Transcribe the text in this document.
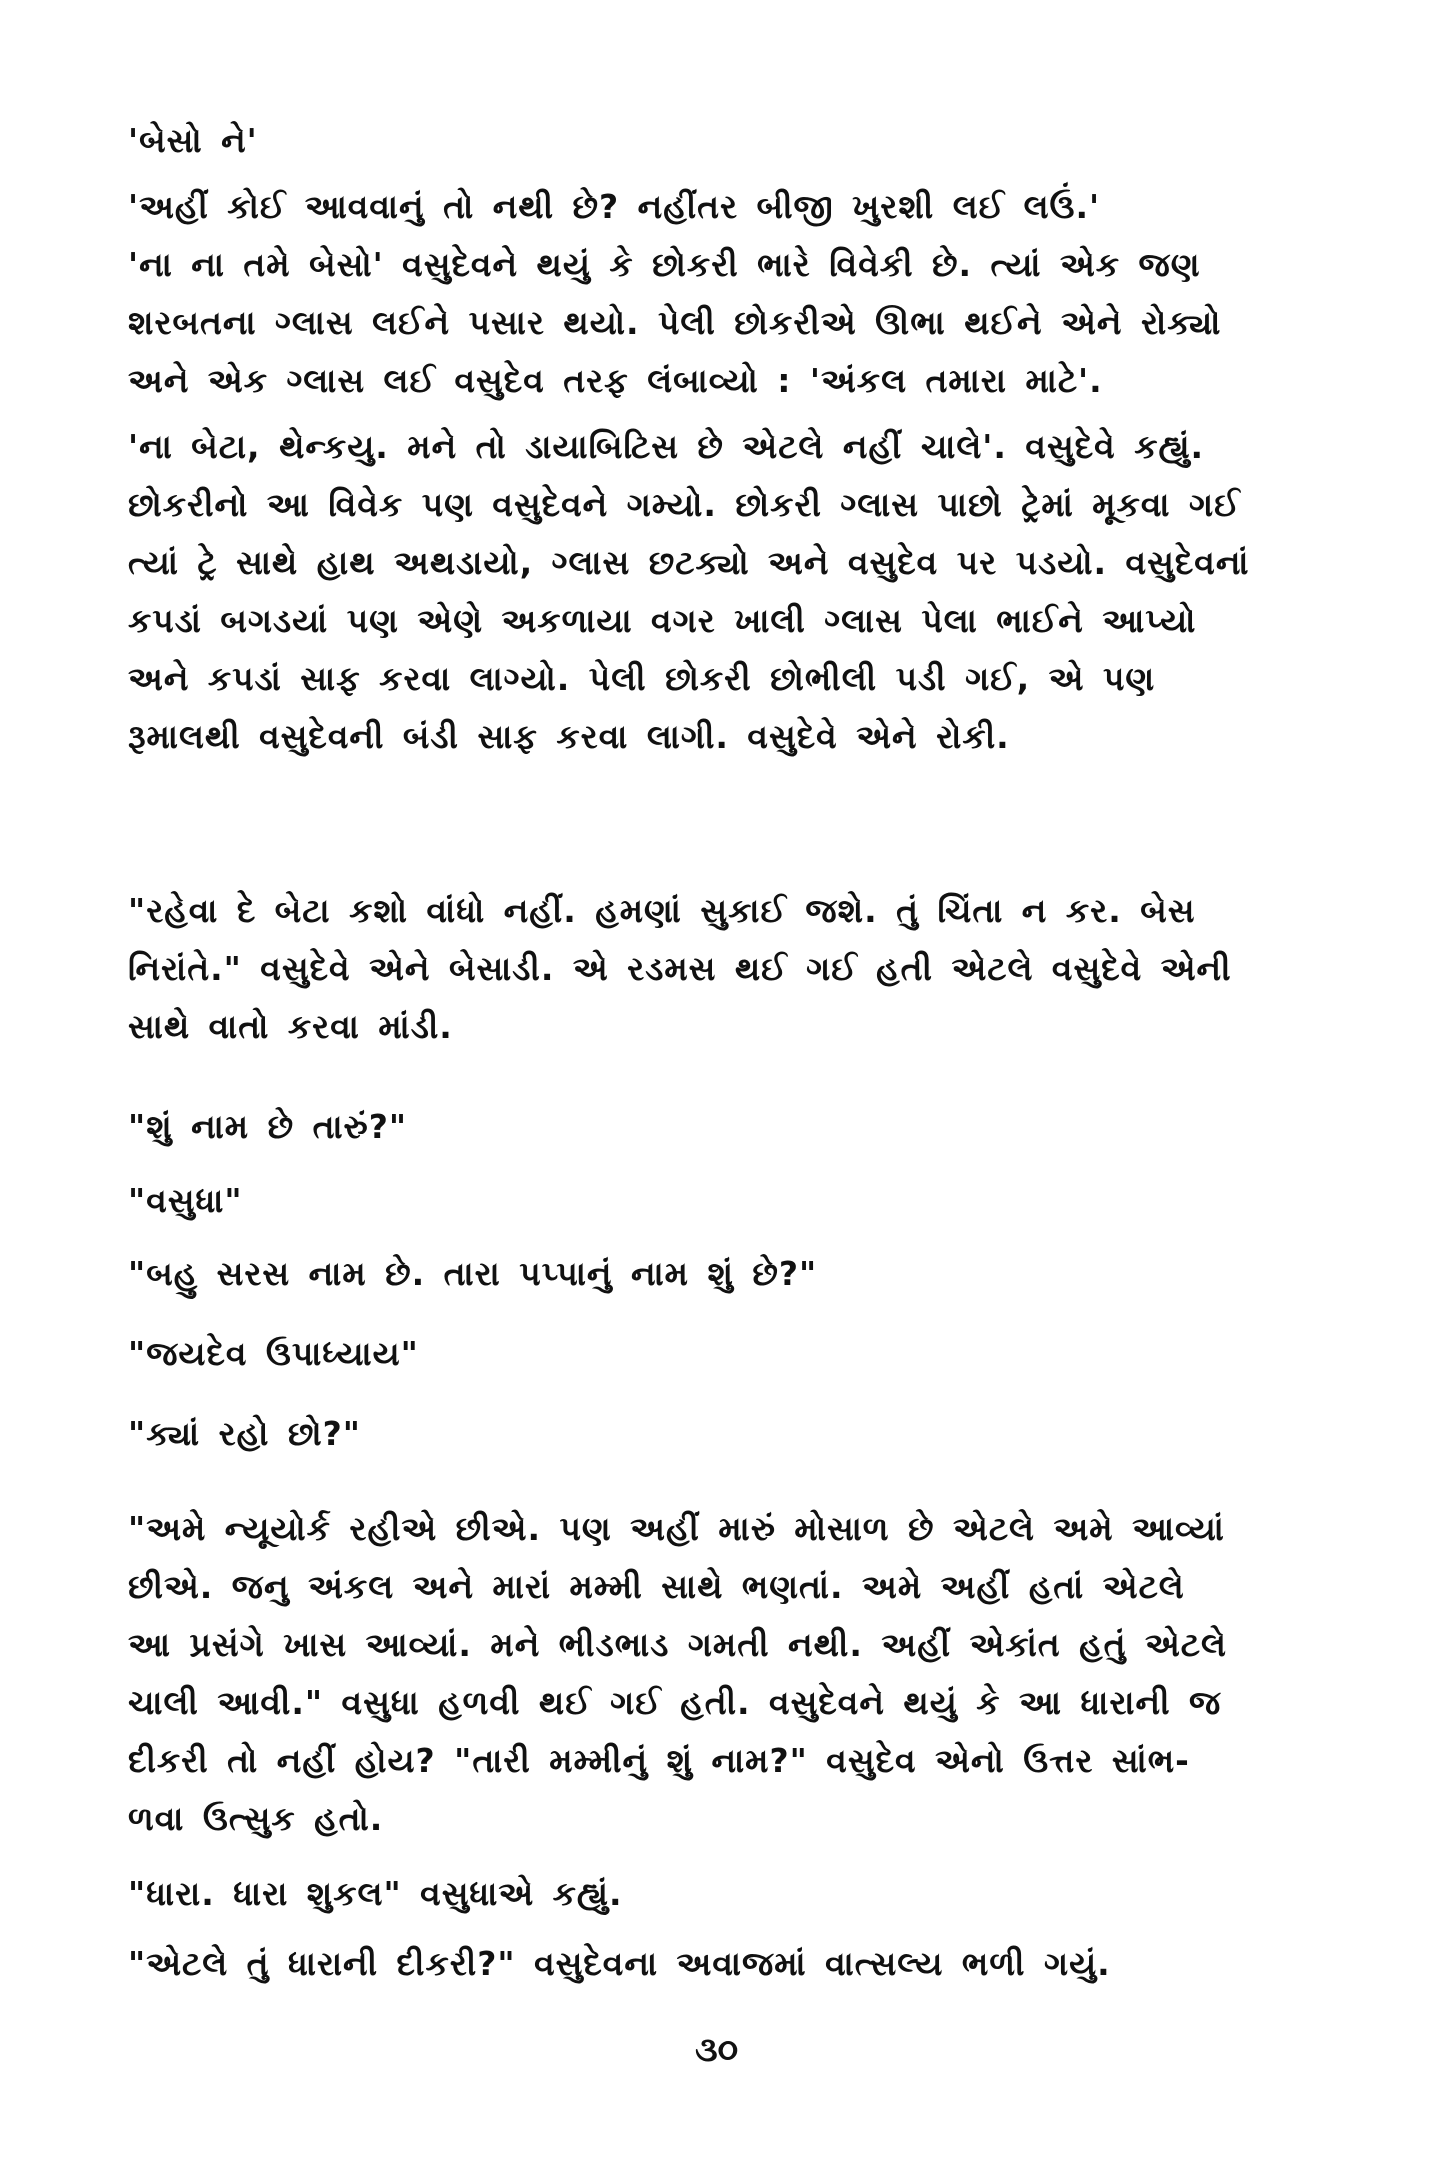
'બેસો ને'
'અહીં કોઈ આવવાનું તો નથી છે? નહીંતર બીજી ખુરશી લઈ લઉં.'
'ના ના તમે બેસો' વસુદેવને થયું કે છોકરી ભારે વિવેકી છે. ત્યાં એક જણ
શરબતના ગ્લાસ લઈને પસાર થયો. પેલી છોકરીએ ઊભા થઈને એને રોક્યો
અને એક ગ્લાસ લઈ વસુદેવ તરફ લંબાવ્યો : 'અંકલ તમારા માટે'.
'ના બેટા, થેન્કયુ. મને તો ડાયાબિટિસ છે એટલે નહીં ચાલે'. વસુદેવે કહ્યું.
છોકરીનો આ વિવેક પણ વસુદેવને ગમ્યો. છોકરી ગ્લાસ પાછો ટ્રેમાં મૂકવા ગઈ
ત્યાં ટ્રે સાથે હાથ અથડાયો, ગ્લાસ છટક્યો અને વસુદેવ પર પડયો. વસુદેવનાં
કપડાં બગડયાં પણ એણે અકળાયા વગર ખાલી ગ્લાસ પેલા ભાઈને આપ્યો
અને કપડાં સાફ કરવા લાગ્યો. પેલી છોકરી છોભીલી પડી ગઈ, એ પણ
રૂમાલથી વસુદેવની બંડી સાફ કરવા લાગી. વસુદેવે એને રોકી.
"રહેવા દે બેટા કશો વાંધો નહીં. હમણાં સુકાઈ જશે. તું ચિંતા ન કર. બેસ
નિરાંતે." વસુદેવે એને બેસાડી. એ રડમસ થઈ ગઈ હતી એટલે વસુદેવે એની
સાથે વાતો કરવા માંડી.
"શું નામ છે તારું?"
"વસુધા"
"બહુ સરસ નામ છે. તારા પપ્પાનું નામ શું છે?"
"જયદેવ ઉપાધ્યાય"
"ક્યાં રહો છો?"
"અમે ન્યૂયોર્ક રહીએ છીએ. પણ અહીં મારું મોસાળ છે એટલે અમે આવ્યાં
છીએ. જનુ અંકલ અને મારાં મમ્મી સાથે ભણતાં. અમે અહીં હતાં એટલે
આ પ્રસંગે ખાસ આવ્યાં. મને ભીડભાડ ગમતી નથી. અહીં એકાંત હતું એટલે
ચાલી આવી." વસુધા હળવી થઈ ગઈ હતી. વસુદેવને થયું કે આ ધારાની જ
દીકરી તો નહીં હોય? "તારી મમ્મીનું શું નામ?" વસુદેવ એનો ઉત્તર સાંભ-
ળવા ઉત્સુક હતો.
"ધારા. ધારા શુકલ" વસુધાએ કહ્યું.
"એટલે તું ધારાની દીકરી?" વસુદેવના અવાજમાં વાત્સલ્ય ભળી ગયું.
૩૦
